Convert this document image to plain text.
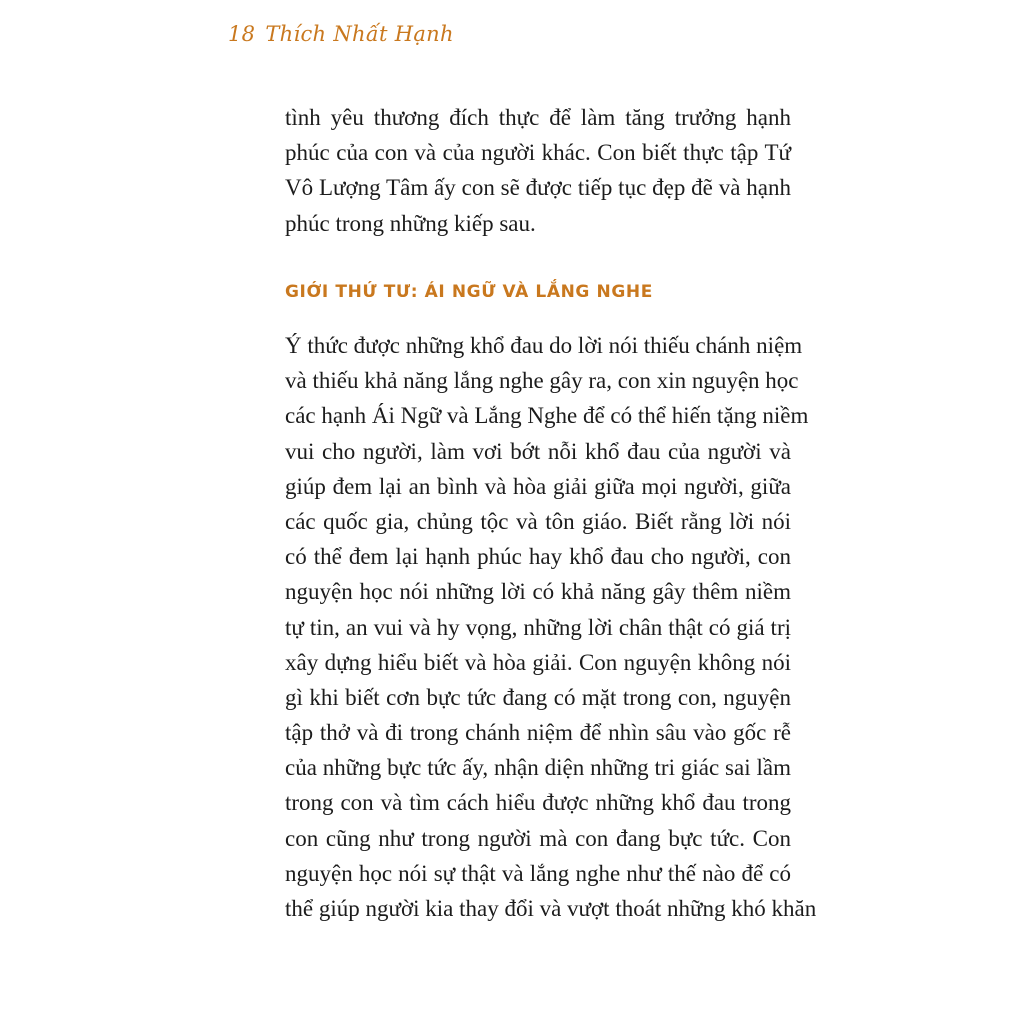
18 Thích Nhất Hạnh
tình yêu thương đích thực để làm tăng trưởng hạnh
phúc của con và của người khác. Con biết thực tập Tứ
Vô Lượng Tâm ấy con sẽ được tiếp tục đẹp đẽ và hạnh
phúc trong những kiếp sau.
GIỚI THỨ TƯ: ÁI NGỮ VÀ LẮNG NGHE
Ý thức được những khổ đau do lời nói thiếu chánh niệm
và thiếu khả năng lắng nghe gây ra, con xin nguyện học
các hạnh Ái Ngữ và Lắng Nghe để có thể hiến tặng niềm
vui cho người, làm vơi bớt nỗi khổ đau của người và
giúp đem lại an bình và hòa giải giữa mọi người, giữa
các quốc gia, chủng tộc và tôn giáo. Biết rằng lời nói
có thể đem lại hạnh phúc hay khổ đau cho người, con
nguyện học nói những lời có khả năng gây thêm niềm
tự tin, an vui và hy vọng, những lời chân thật có giá trị
xây dựng hiểu biết và hòa giải. Con nguyện không nói
gì khi biết cơn bực tức đang có mặt trong con, nguyện
tập thở và đi trong chánh niệm để nhìn sâu vào gốc rễ
của những bực tức ấy, nhận diện những tri giác sai lầm
trong con và tìm cách hiểu được những khổ đau trong
con cũng như trong người mà con đang bực tức. Con
nguyện học nói sự thật và lắng nghe như thế nào để có
thể giúp người kia thay đổi và vượt thoát những khó khăn
